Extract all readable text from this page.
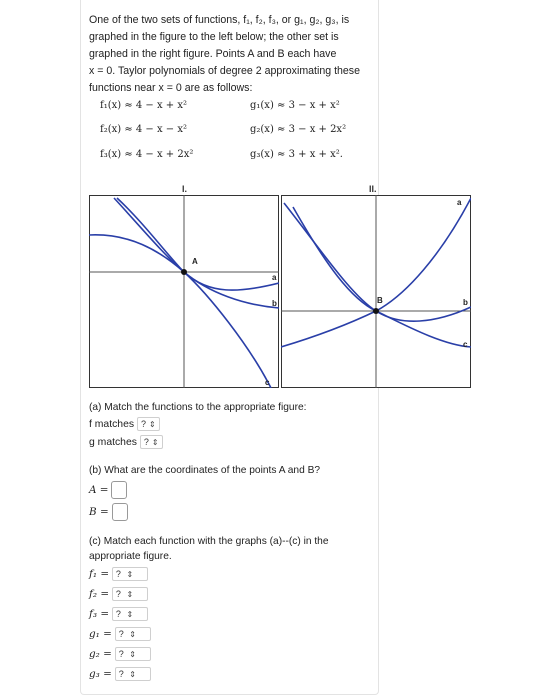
One of the two sets of functions, f₁, f₂, f₃, or g₁, g₂, g₃, is
graphed in the figure to the left below; the other set is
graphed in the right figure. Points A and B each have
x = 0. Taylor polynomials of degree 2 approximating these
functions near x = 0 are as follows:
f₁(x) ≈ 4 − x + x²	g₁(x) ≈ 3 − x + x²
f₂(x) ≈ 4 − x − x²	g₂(x) ≈ 3 − x + 2x²
f₃(x) ≈ 4 − x + 2x²	g₃(x) ≈ 3 + x + x².
I.	II.
A
a
b
c
B
a
b
c
(a) Match the functions to the appropriate figure:
f matches ? ⇕
g matches ? ⇕
(b) What are the coordinates of the points A and B?
A =
B =
(c) Match each function with the graphs (a)--(c) in the
appropriate figure.
f₁ = ? ⇕
f₂ = ? ⇕
f₃ = ? ⇕
g₁ = ? ⇕
g₂ = ? ⇕
g₃ = ? ⇕
